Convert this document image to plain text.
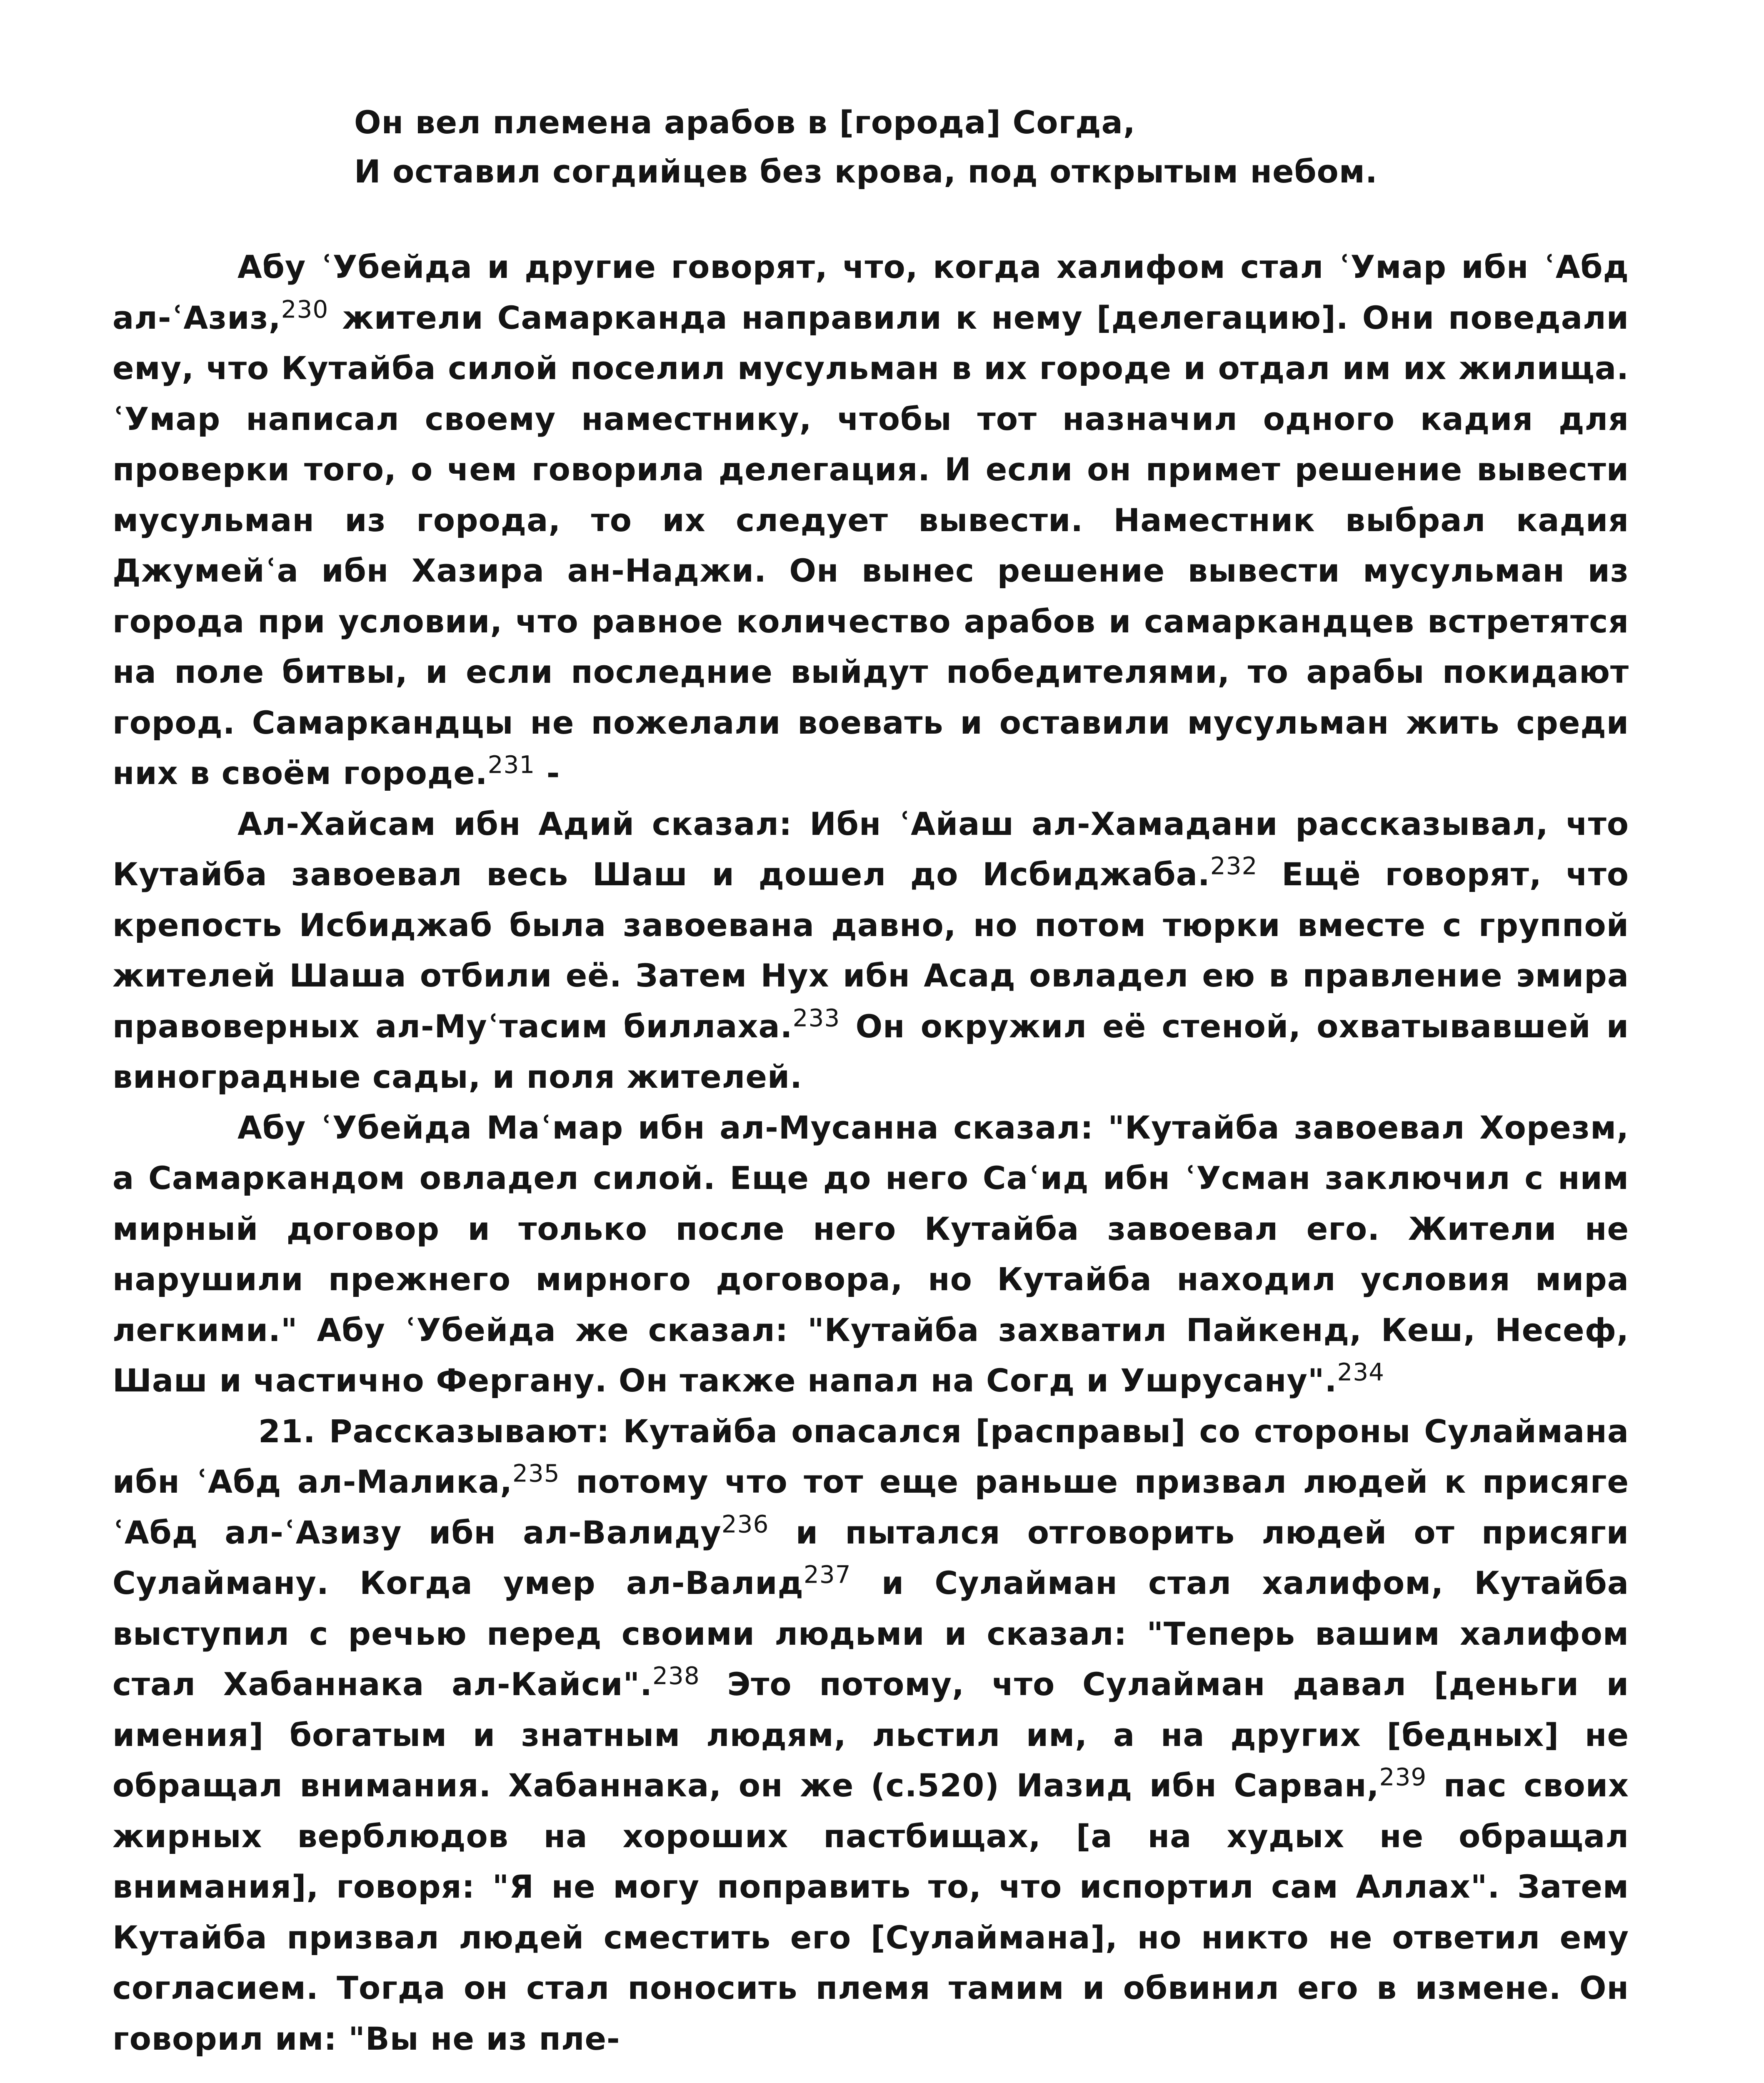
Он вел племена арабов в [города] Согда,
И оставил согдийцев без крова, под открытым небом.

Абу ʿУбейда и другие говорят, что, когда халифом стал ʿУмар ибн ʿАбд ал-ʿАзиз,$^{230}$ жители Самарканда направили к нему [делегацию]. Они поведали ему, что Кутайба силой поселил мусульман в их городе и отдал им их жилища. ʿУмар написал своему наместнику, чтобы тот назначил одного кадия для проверки того, о чем говорила делегация. И если он примет решение вывести мусульман из города, то их следует вывести. Наместник выбрал кадия Джумейʿа ибн Хазира ан-Наджи. Он вынес решение вывести мусульман из города при условии, что равное количество арабов и самаркандцев встретятся на поле битвы, и если последние выйдут победителями, то арабы покидают город. Самаркандцы не пожелали воевать и оставили мусульман жить среди них в своём городе.$^{231}$ -

Ал-Хайсам ибн Адий сказал: Ибн ʿАйаш ал-Хамадани рассказывал, что Кутайба завоевал весь Шаш и дошел до Исбиджаба.$^{232}$ Ещё говорят, что крепость Исбиджаб была завоевана давно, но потом тюрки вместе с группой жителей Шаша отбили её. Затем Нух ибн Асад овладел ею в правление эмира правоверных ал-Муʿтасим биллаха.$^{233}$ Он окружил её стеной, охватывавшей и виноградные сады, и поля жителей.

Абу ʿУбейда Маʿмар ибн ал-Мусанна сказал: "Кутайба завоевал Хорезм, а Самаркандом овладел силой. Еще до него Саʿид ибн ʿУсман заключил с ним мирный договор и только после него Кутайба завоевал его. Жители не нарушили прежнего мирного договора, но Кутайба находил условия мира легкими." Абу ʿУбейда же сказал: "Кутайба захватил Пайкенд, Кеш, Несеф, Шаш и частично Фергану. Он также напал на Согд и Ушрусану".$^{234}$

21. Рассказывают: Кутайба опасался [расправы] со стороны Сулаймана ибн ʿАбд ал-Малика,$^{235}$ потому что тот еще раньше призвал людей к присяге ʿАбд ал-ʿАзизу ибн ал-Валиду$^{236}$ и пытался отговорить людей от присяги Сулайману. Когда умер ал-Валид$^{237}$ и Сулайман стал халифом, Кутайба выступил с речью перед своими людьми и сказал: "Теперь вашим халифом стал Хабаннака ал-Кайси".$^{238}$ Это потому, что Сулайман давал [деньги и имения] богатым и знатным людям, льстил им, а на других [бедных] не обращал внимания. Хабаннака, он же (с.520) Иазид ибн Сарван,$^{239}$ пас своих жирных верблюдов на хороших пастбищах, [а на худых не обращал внимания], говоря: "Я не могу поправить то, что испортил сам Аллах". Затем Кутайба призвал людей сместить его [Сулаймана], но никто не ответил ему согласием. Тогда он стал поносить племя тамим и обвинил его в измене. Он говорил им: "Вы не из пле-
